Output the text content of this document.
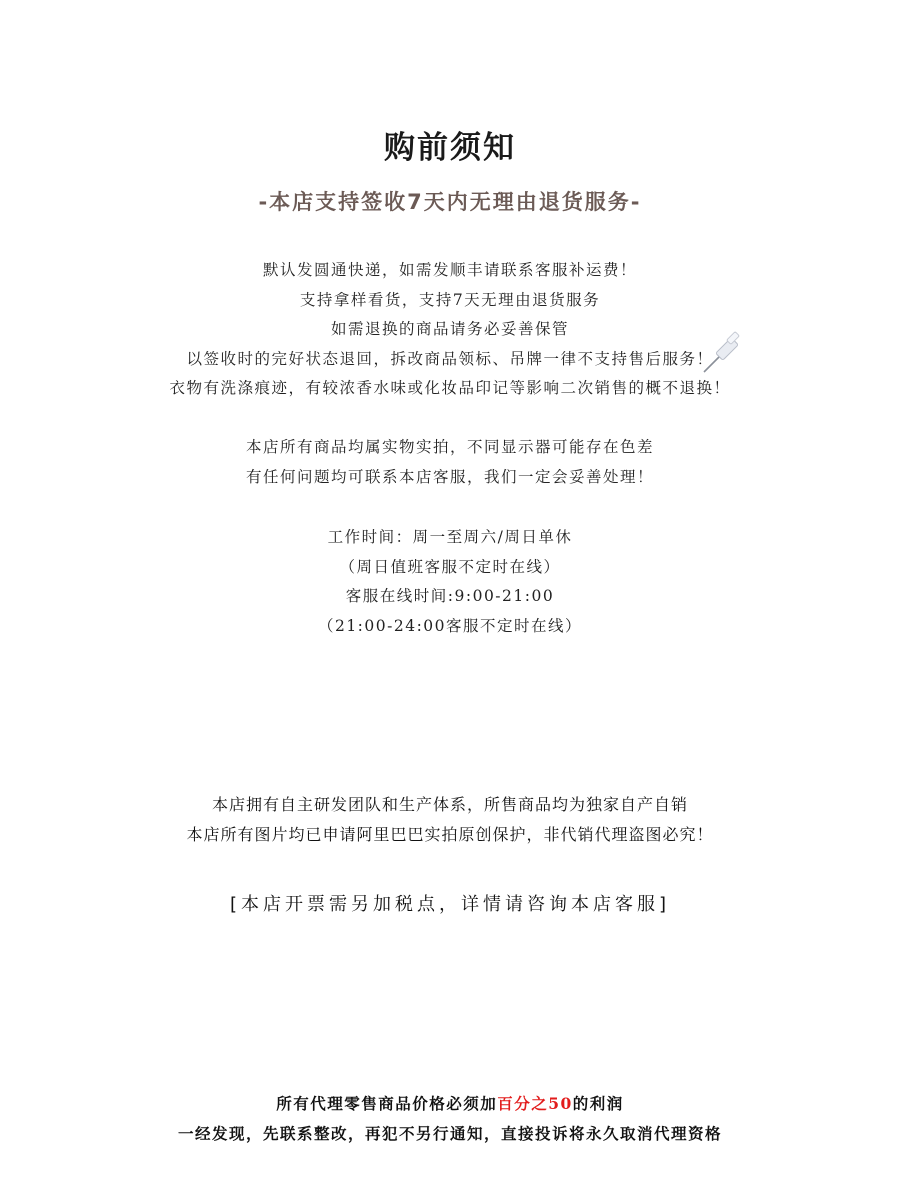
购前须知
-本店支持签收7天内无理由退货服务-
默认发圆通快递，如需发顺丰请联系客服补运费！
支持拿样看货，支持7天无理由退货服务
如需退换的商品请务必妥善保管
以签收时的完好状态退回，拆改商品领标、吊牌一律不支持售后服务！
衣物有洗涤痕迹，有较浓香水味或化妆品印记等影响二次销售的概不退换！
本店所有商品均属实物实拍，不同显示器可能存在色差
有任何问题均可联系本店客服，我们一定会妥善处理！
工作时间：周一至周六/周日单休
（周日值班客服不定时在线）
客服在线时间:9:00-21:00
（21:00-24:00客服不定时在线）
本店拥有自主研发团队和生产体系，所售商品均为独家自产自销
本店所有图片均已申请阿里巴巴实拍原创保护，非代销代理盗图必究！

[本店开票需另加税点，详情请咨询本店客服]

所有代理零售商品价格必须加百分之50的利润
一经发现，先联系整改，再犯不另行通知，直接投诉将永久取消代理资格
